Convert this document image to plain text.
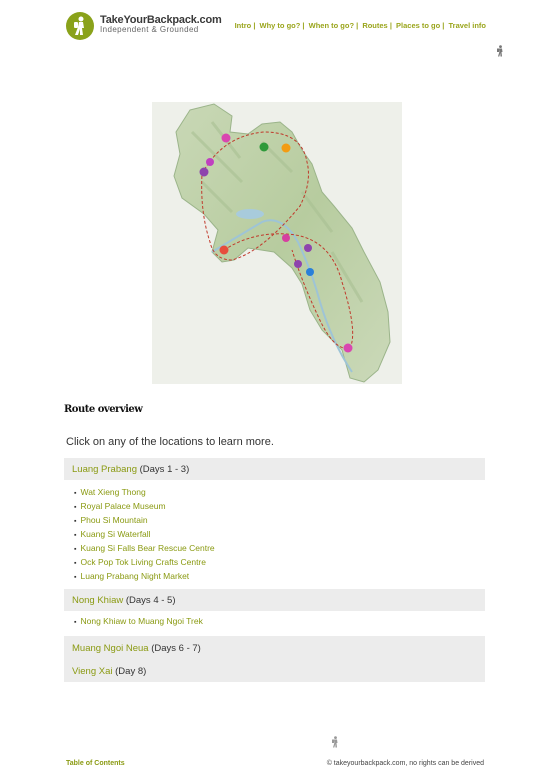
TakeYourBackpack.com
Independent & Grounded	Intro | Why to go? | When to go? | Routes | Places to go | Travel info
Route overview
Click on any of the locations to learn more.
Luang Prabang (Days 1 - 3)
▪ Wat Xieng Thong
▪ Royal Palace Museum
▪ Phou Si Mountain
▪ Kuang Si Waterfall
▪ Kuang Si Falls Bear Rescue Centre
▪ Ock Pop Tok Living Crafts Centre
▪ Luang Prabang Night Market
Nong Khiaw (Days 4 - 5)
▪ Nong Khiaw to Muang Ngoi Trek
Muang Ngoi Neua (Days 6 - 7)
Vieng Xai (Day 8)
Table of Contents	© takeyourbackpack.com, no rights can be derived
